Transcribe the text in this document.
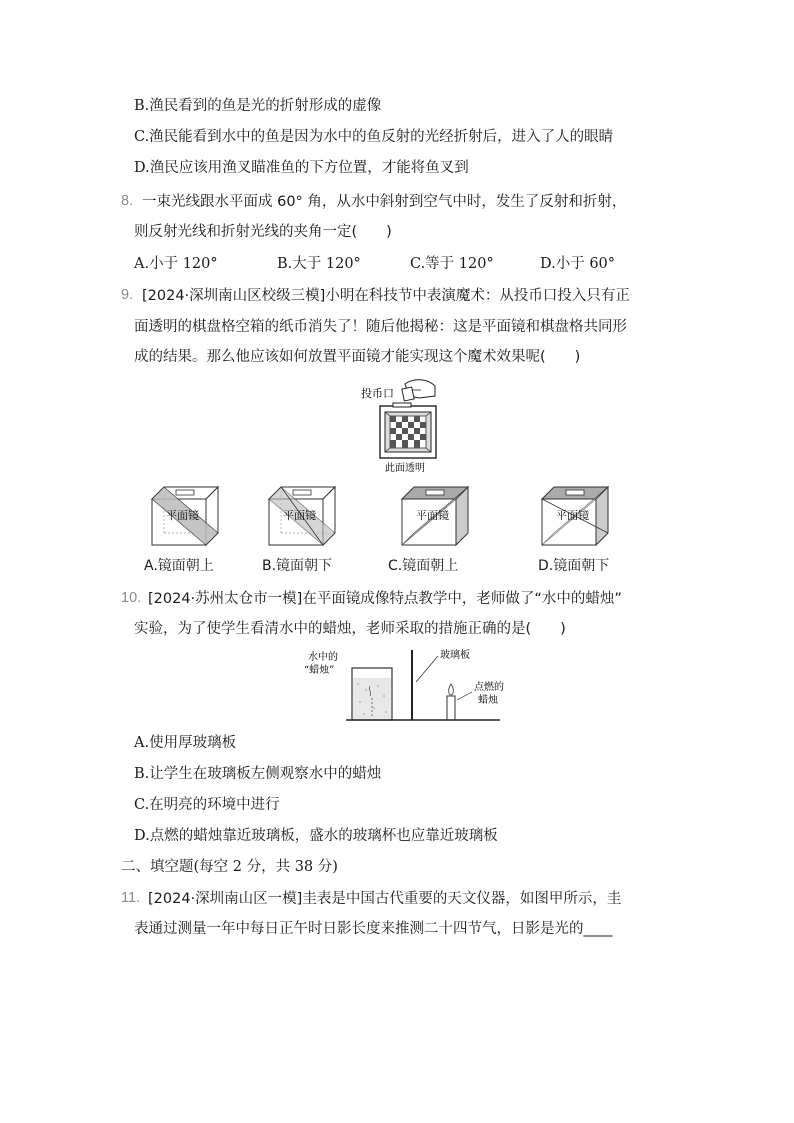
B.渔民看到的鱼是光的折射形成的虚像
C.渔民能看到水中的鱼是因为水中的鱼反射的光经折射后，进入了人的眼睛
D.渔民应该用渔叉瞄准鱼的下方位置，才能将鱼叉到
8. 一束光线跟水平面成 60° 角，从水中斜射到空气中时，发生了反射和折射，
则反射光线和折射光线的夹角一定(　　)
A.小于 120°	B.大于 120°	C.等于 120°	D.小于 60°
9. [2024·深圳南山区校级三模]小明在科技节中表演魔术：从投币口投入只有正
面透明的棋盘格空箱的纸币消失了！随后他揭秘：这是平面镜和棋盘格共同形
成的结果。那么他应该如何放置平面镜才能实现这个魔术效果呢(　　)
投币口
此面透明
平面镜
A.镜面朝上
平面镜
B.镜面朝下
平面镜
C.镜面朝上
平面镜
D.镜面朝下
10. [2024·苏州太仓市一模]在平面镜成像特点教学中，老师做了“水中的蜡烛”
实验，为了使学生看清水中的蜡烛，老师采取的措施正确的是(　　)
水中的
“蜡烛”
玻璃板
点燃的
蜡烛
A.使用厚玻璃板
B.让学生在玻璃板左侧观察水中的蜡烛
C.在明亮的环境中进行
D.点燃的蜡烛靠近玻璃板，盛水的玻璃杯也应靠近玻璃板
二、填空题(每空 2 分，共 38 分)
11. [2024·深圳南山区一模]圭表是中国古代重要的天文仪器，如图甲所示，圭
表通过测量一年中每日正午时日影长度来推测二十四节气，日影是光的____
